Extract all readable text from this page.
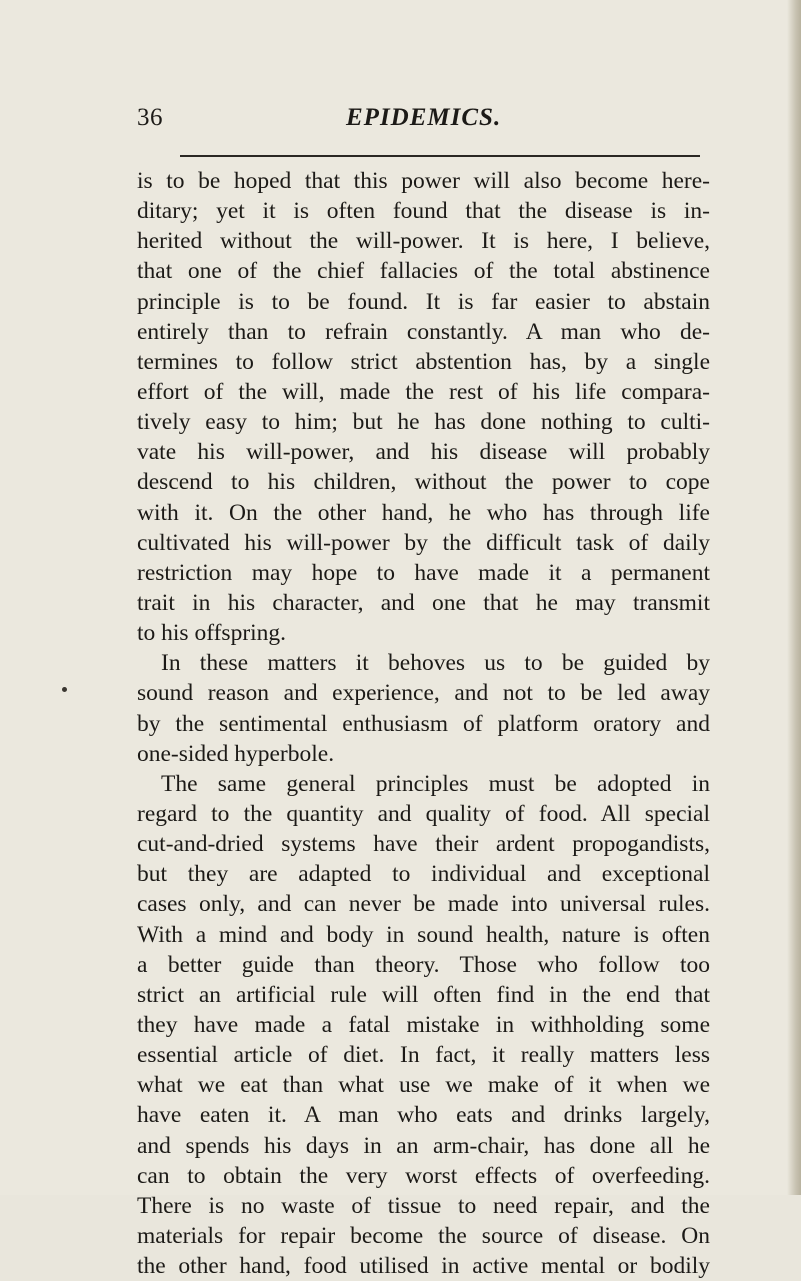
36	EPIDEMICS.
is to be hoped that this power will also become here-
ditary; yet it is often found that the disease is in-
herited without the will-power. It is here, I believe,
that one of the chief fallacies of the total abstinence
principle is to be found. It is far easier to abstain
entirely than to refrain constantly. A man who de-
termines to follow strict abstention has, by a single
effort of the will, made the rest of his life compara-
tively easy to him; but he has done nothing to culti-
vate his will-power, and his disease will probably
descend to his children, without the power to cope
with it. On the other hand, he who has through life
cultivated his will-power by the difficult task of daily
restriction may hope to have made it a permanent
trait in his character, and one that he may transmit
to his offspring.
In these matters it behoves us to be guided by
sound reason and experience, and not to be led away
by the sentimental enthusiasm of platform oratory and
one-sided hyperbole.
The same general principles must be adopted in
regard to the quantity and quality of food. All special
cut-and-dried systems have their ardent propogandists,
but they are adapted to individual and exceptional
cases only, and can never be made into universal rules.
With a mind and body in sound health, nature is often
a better guide than theory. Those who follow too
strict an artificial rule will often find in the end that
they have made a fatal mistake in withholding some
essential article of diet. In fact, it really matters less
what we eat than what use we make of it when we
have eaten it. A man who eats and drinks largely,
and spends his days in an arm-chair, has done all he
can to obtain the very worst effects of overfeeding.
There is no waste of tissue to need repair, and the
materials for repair become the source of disease. On
the other hand, food utilised in active mental or bodily
